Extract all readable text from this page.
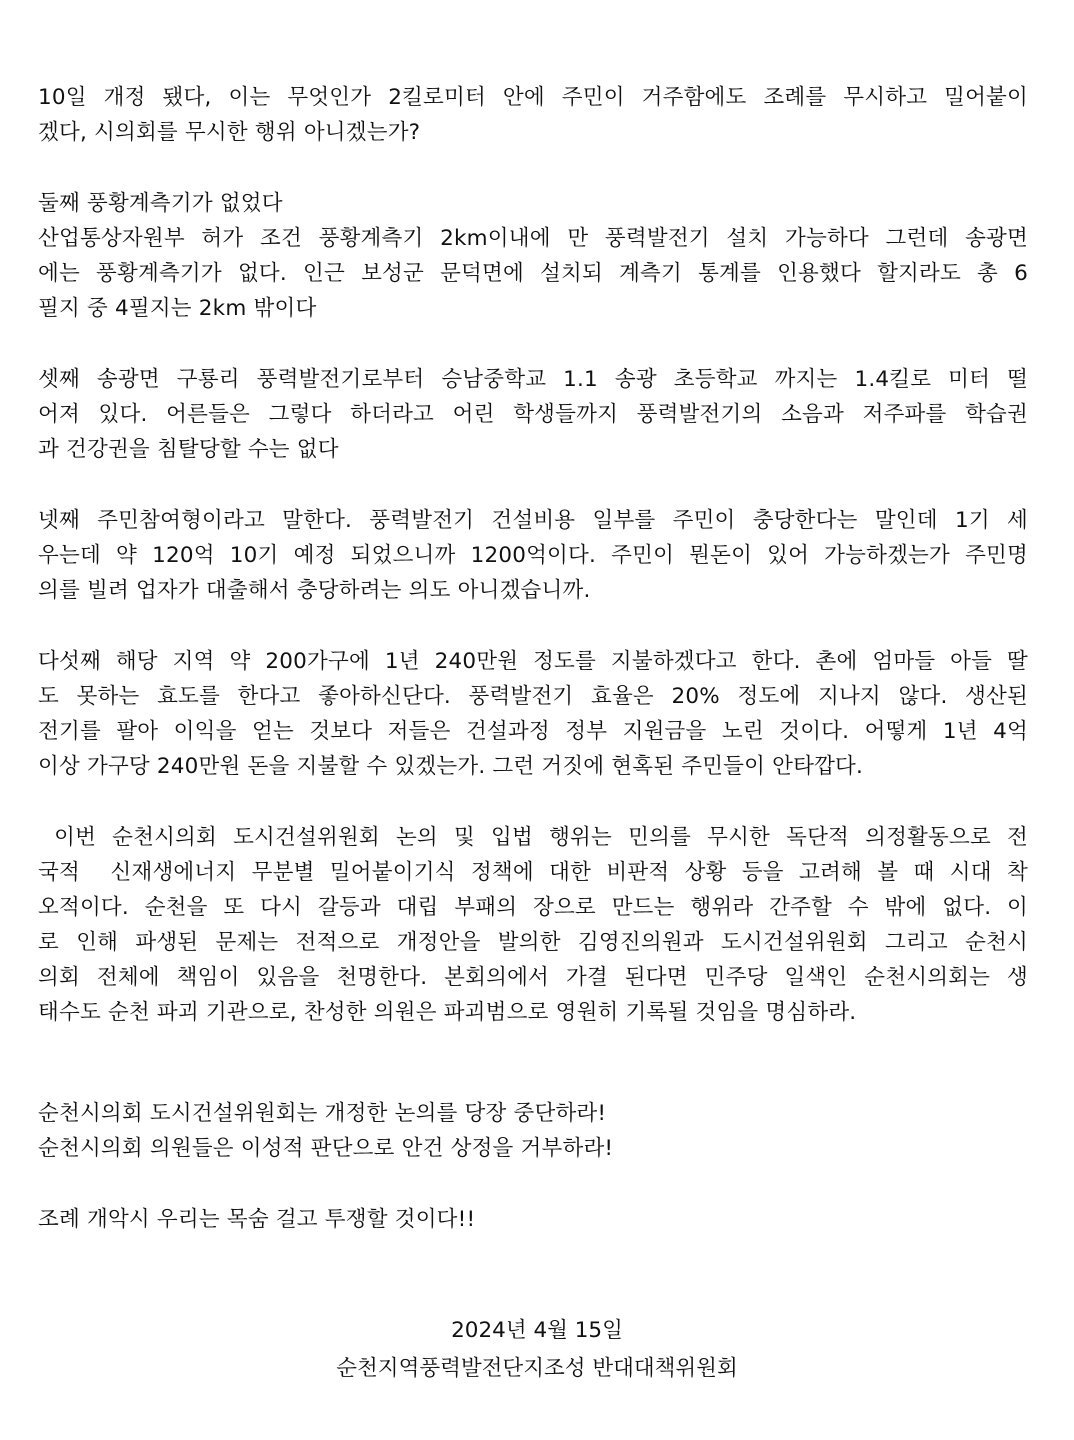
10일 개정 됐다, 이는 무엇인가 2킬로미터 안에 주민이 거주함에도 조례를 무시하고 밀어붙이
겠다, 시의회를 무시한 행위 아니겠는가?
둘째 풍황계측기가 없었다
산업통상자원부 허가 조건 풍황계측기 2km이내에 만 풍력발전기 설치 가능하다 그런데 송광면
에는 풍황계측기가 없다. 인근 보성군 문덕면에 설치되 계측기 통계를 인용했다 할지라도 총 6
필지 중 4필지는 2km 밖이다
셋째 송광면 구룡리 풍력발전기로부터 승남중학교 1.1 송광 초등학교 까지는 1.4킬로 미터 떨
어져 있다. 어른들은 그렇다 하더라고 어린 학생들까지 풍력발전기의 소음과 저주파를 학습권
과 건강권을 침탈당할 수는 없다
넷째 주민참여형이라고 말한다. 풍력발전기 건설비용 일부를 주민이 충당한다는 말인데 1기 세
우는데 약 120억 10기 예정 되었으니까 1200억이다. 주민이 뭔돈이 있어 가능하겠는가 주민명
의를 빌려 업자가 대출해서 충당하려는 의도 아니겠습니까.
다섯째 해당 지역 약 200가구에 1년 240만원 정도를 지불하겠다고 한다. 촌에 엄마들 아들 딸
도 못하는 효도를 한다고 좋아하신단다. 풍력발전기 효율은 20% 정도에 지나지 않다. 생산된
전기를 팔아 이익을 얻는 것보다 저들은 건설과정 정부 지원금을 노린 것이다. 어떻게 1년 4억
이상 가구당 240만원 돈을 지불할 수 있겠는가. 그런 거짓에 현혹된 주민들이 안타깝다.
이번 순천시의회 도시건설위원회 논의 및 입법 행위는 민의를 무시한 독단적 의정활동으로 전
국적  신재생에너지 무분별 밀어붙이기식 정책에 대한 비판적 상황 등을 고려해 볼 때 시대 착
오적이다. 순천을 또 다시 갈등과 대립 부패의 장으로 만드는 행위라 간주할 수 밖에 없다. 이
로 인해 파생된 문제는 전적으로 개정안을 발의한 김영진의원과 도시건설위원회 그리고 순천시
의회 전체에 책임이 있음을 천명한다. 본회의에서 가결 된다면 민주당 일색인 순천시의회는 생
태수도 순천 파괴 기관으로, 찬성한 의원은 파괴범으로 영원히 기록될 것임을 명심하라.
순천시의회 도시건설위원회는 개정한 논의를 당장 중단하라!
순천시의회 의원들은 이성적 판단으로 안건 상정을 거부하라!
조례 개악시 우리는 목숨 걸고 투쟁할 것이다!!
2024년 4월 15일
순천지역풍력발전단지조성 반대대책위원회
